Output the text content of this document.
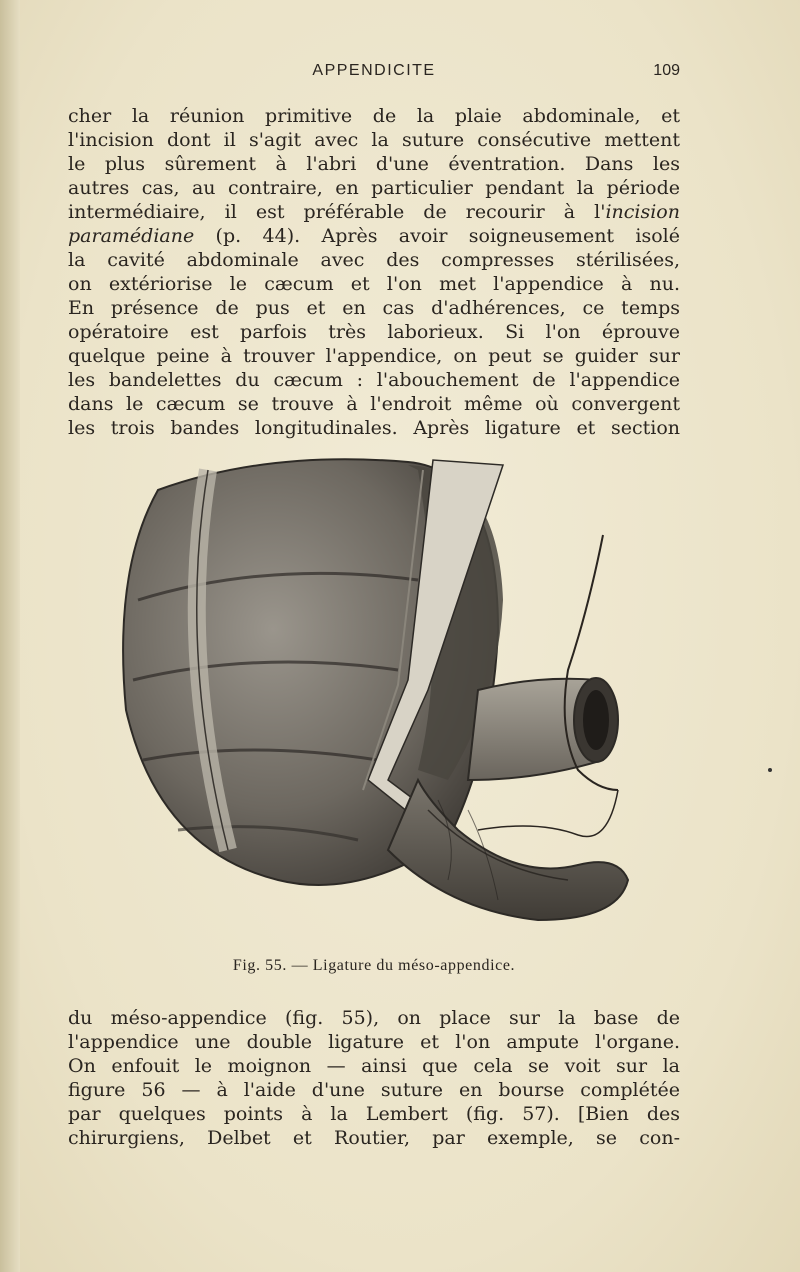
APPENDICITE	109

cher la réunion primitive de la plaie abdominale, et
l'incision dont il s'agit avec la suture consécutive mettent
le plus sûrement à l'abri d'une éventration. Dans les
autres cas, au contraire, en particulier pendant la période
intermédiaire, il est préférable de recourir à l'incision
paramédiane (p. 44). Après avoir soigneusement isolé
la cavité abdominale avec des compresses stérilisées,
on extériorise le cæcum et l'on met l'appendice à nu.
En présence de pus et en cas d'adhérences, ce temps
opératoire est parfois très laborieux. Si l'on éprouve
quelque peine à trouver l'appendice, on peut se guider sur
les bandelettes du cæcum : l'abouchement de l'appendice
dans le cæcum se trouve à l'endroit même où convergent
les trois bandes longitudinales. Après ligature et section

Fig. 55. — Ligature du méso-appendice.

du méso-appendice (fig. 55), on place sur la base de
l'appendice une double ligature et l'on ampute l'organe.
On enfouit le moignon — ainsi que cela se voit sur la
figure 56 — à l'aide d'une suture en bourse complétée
par quelques points à la Lembert (fig. 57). [Bien des
chirurgiens, Delbet et Routier, par exemple, se con-
